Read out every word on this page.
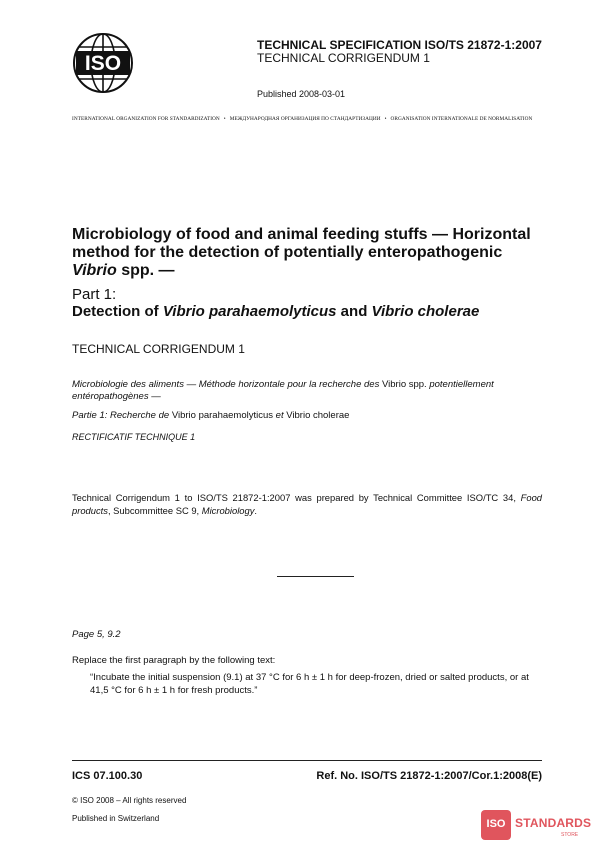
ISO
TECHNICAL SPECIFICATION ISO/TS 21872-1:2007
TECHNICAL CORRIGENDUM 1
Published 2008-03-01
INTERNATIONAL ORGANIZATION FOR STANDARDIZATION • МЕЖДУНАРОДНАЯ ОРГАНИЗАЦИЯ ПО СТАНДАРТИЗАЦИИ • ORGANISATION INTERNATIONALE DE NORMALISATION
Microbiology of food and animal feeding stuffs — Horizontal method for the detection of potentially enteropathogenic Vibrio spp. —
Part 1:
Detection of Vibrio parahaemolyticus and Vibrio cholerae
TECHNICAL CORRIGENDUM 1
Microbiologie des aliments — Méthode horizontale pour la recherche des Vibrio spp. potentiellement entéropathogènes —
Partie 1: Recherche de Vibrio parahaemolyticus et Vibrio cholerae
RECTIFICATIF TECHNIQUE 1
Technical Corrigendum 1 to ISO/TS 21872-1:2007 was prepared by Technical Committee ISO/TC 34, Food products, Subcommittee SC 9, Microbiology.
Page 5, 9.2
Replace the first paragraph by the following text:
“Incubate the initial suspension (9.1) at 37 °C for 6 h ± 1 h for deep-frozen, dried or salted products, or at 41,5 °C for 6 h ± 1 h for fresh products.”
ICS 07.100.30	Ref. No. ISO/TS 21872-1:2007/Cor.1:2008(E)
© ISO 2008 – All rights reserved
Published in Switzerland	ISO STANDARDS
STORE
